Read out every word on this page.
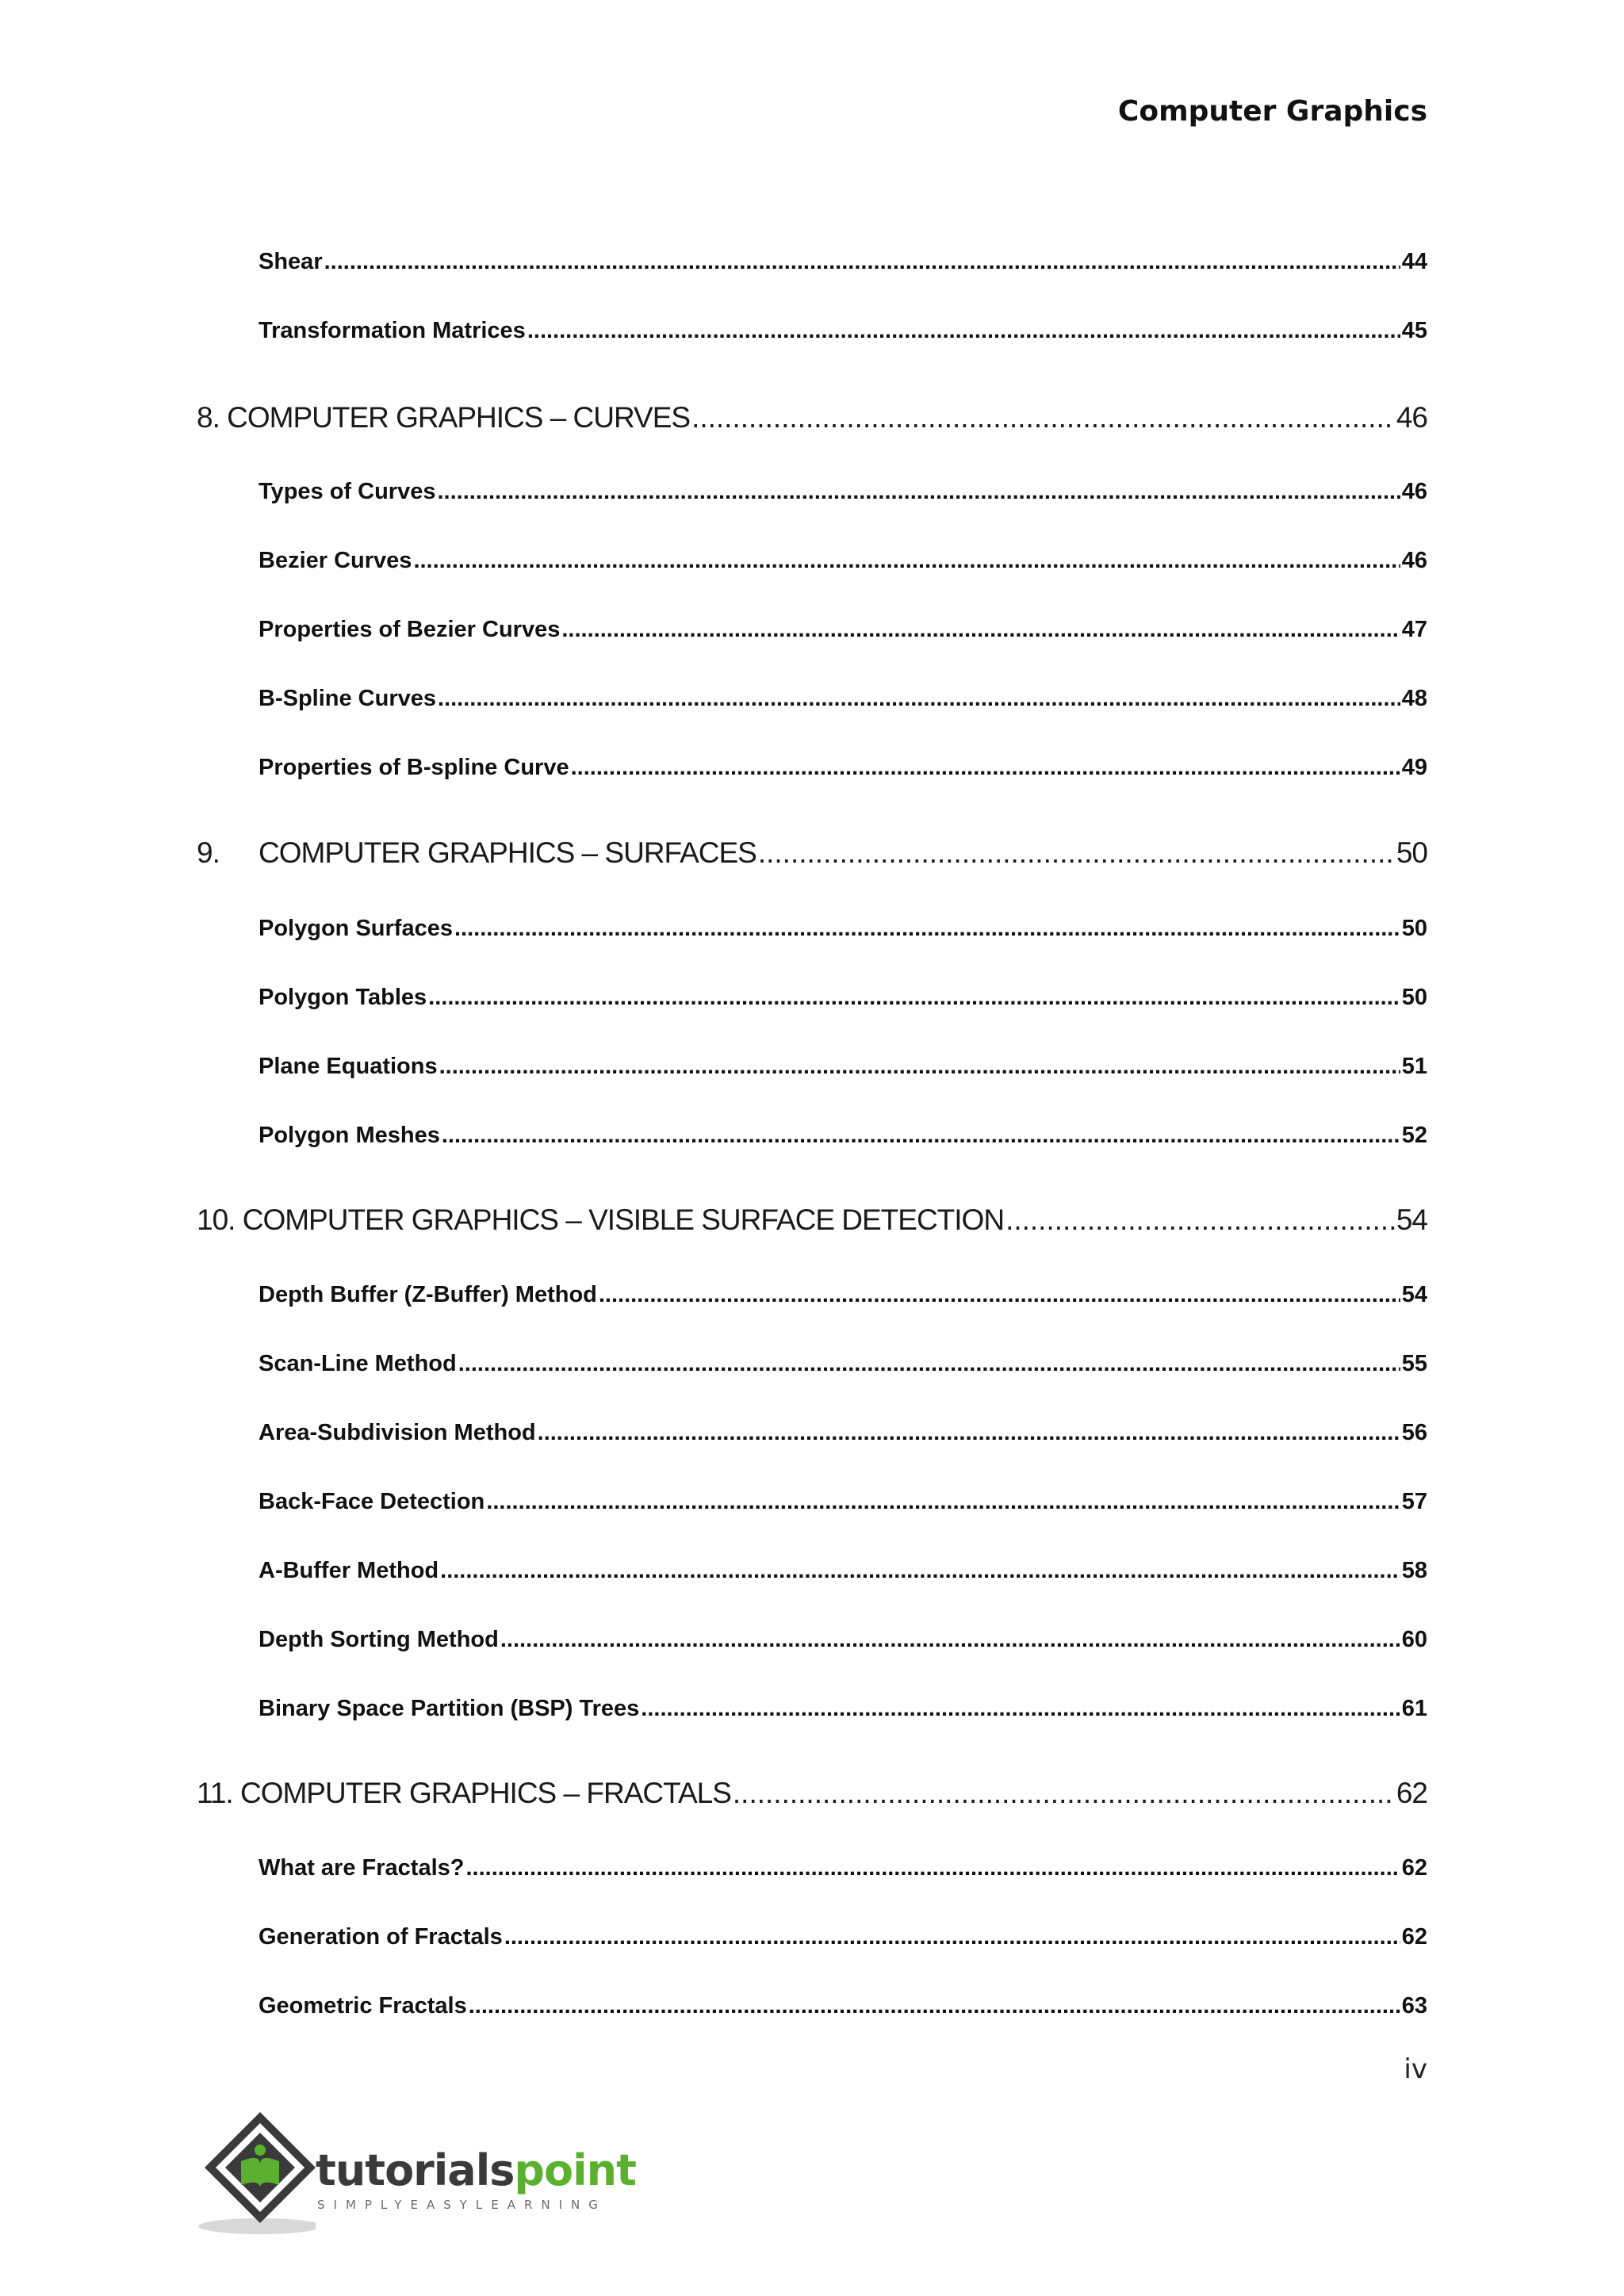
Computer Graphics
Shear .....	44
Transformation Matrices .....	45
8. COMPUTER GRAPHICS – CURVES .....	46
Types of Curves .....	46
Bezier Curves .....	46
Properties of Bezier Curves .....	47
B-Spline Curves .....	48
Properties of B-spline Curve .....	49
9. COMPUTER GRAPHICS – SURFACES .....	50
Polygon Surfaces .....	50
Polygon Tables .....	50
Plane Equations .....	51
Polygon Meshes .....	52
10. COMPUTER GRAPHICS – VISIBLE SURFACE DETECTION .....	54
Depth Buffer (Z-Buffer) Method .....	54
Scan-Line Method .....	55
Area-Subdivision Method .....	56
Back-Face Detection .....	57
A-Buffer Method .....	58
Depth Sorting Method .....	60
Binary Space Partition (BSP) Trees .....	61
11. COMPUTER GRAPHICS – FRACTALS .....	62
What are Fractals? .....	62
Generation of Fractals .....	62
Geometric Fractals .....	63
iv
tutorialspoint
SIMPLYEASYLEARNING
